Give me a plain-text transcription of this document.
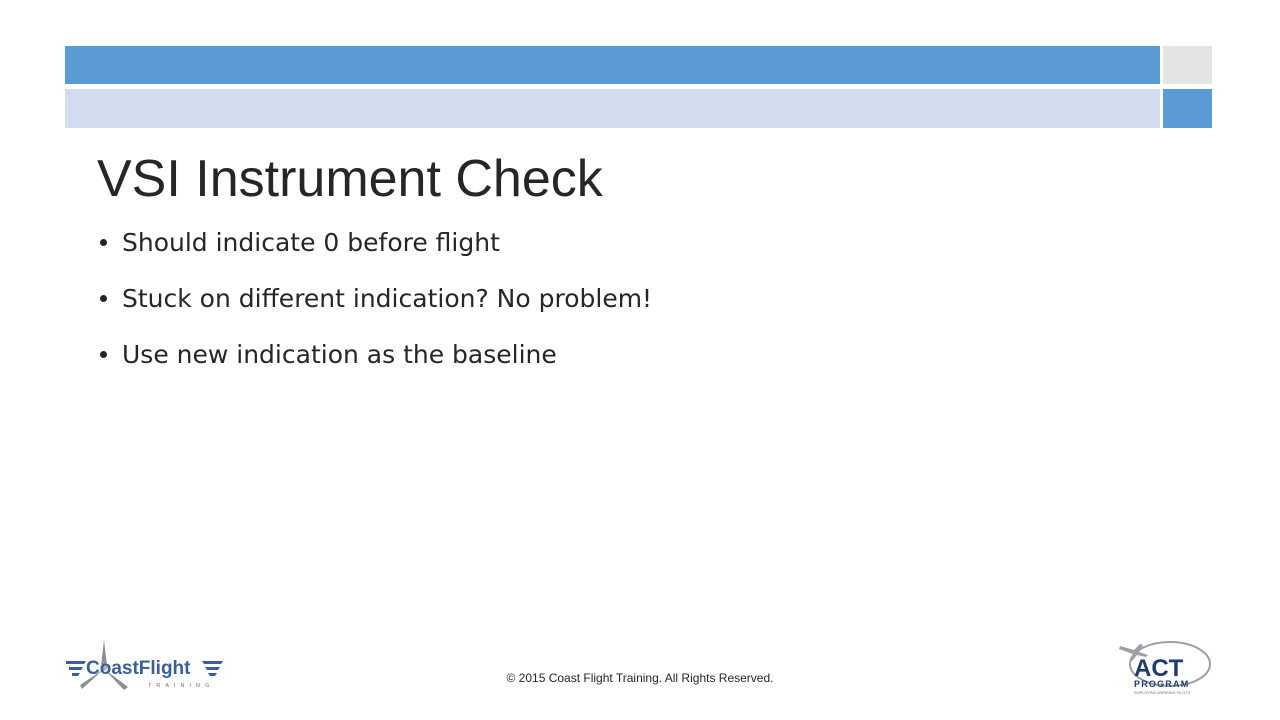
VSI Instrument Check
Should indicate 0 before flight
Stuck on different indication? No problem!
Use new indication as the baseline
© 2015 Coast Flight Training. All Rights Reserved.
CoastFlight
TRAINING
ACT
PROGRAM
EMPLOYING ASPIRING PILOTS
